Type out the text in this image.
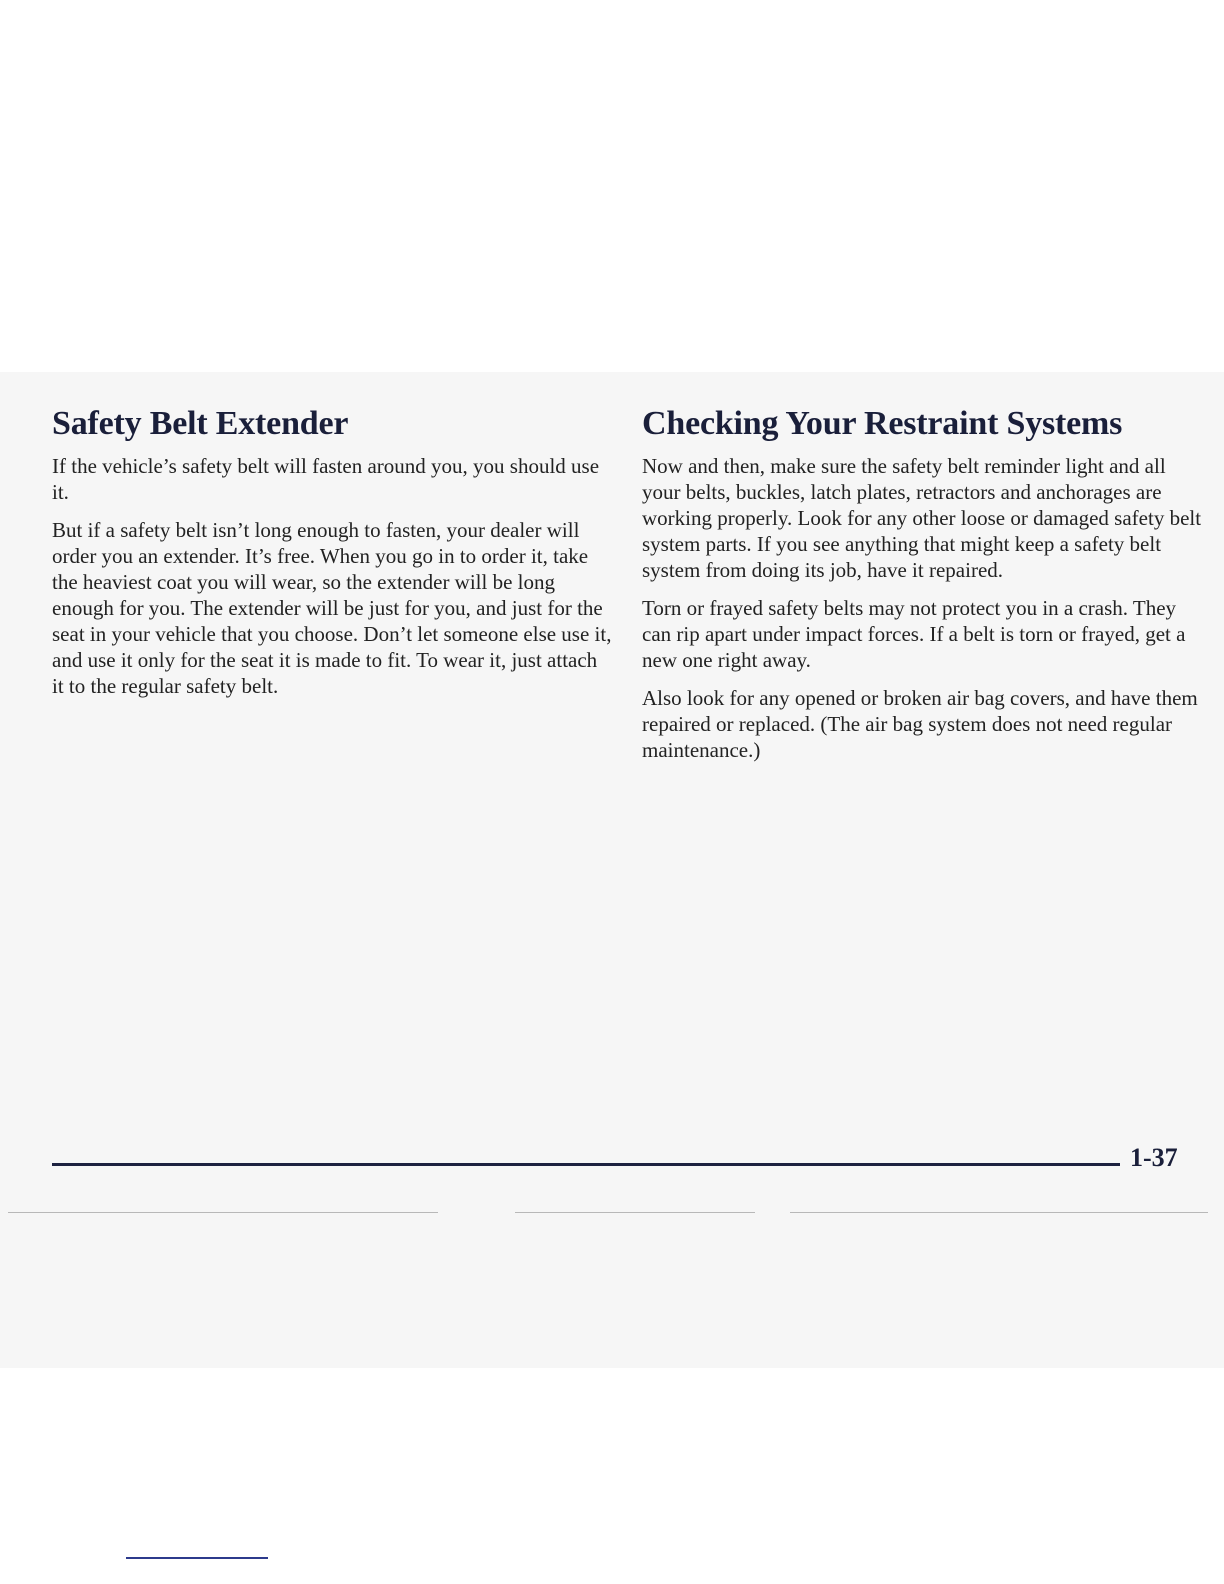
Safety Belt Extender

If the vehicle’s safety belt will fasten around you, you should use it.

But if a safety belt isn’t long enough to fasten, your dealer will order you an extender. It’s free. When you go in to order it, take the heaviest coat you will wear, so the extender will be long enough for you. The extender will be just for you, and just for the seat in your vehicle that you choose. Don’t let someone else use it, and use it only for the seat it is made to fit. To wear it, just attach it to the regular safety belt.

Checking Your Restraint Systems

Now and then, make sure the safety belt reminder light and all your belts, buckles, latch plates, retractors and anchorages are working properly. Look for any other loose or damaged safety belt system parts. If you see anything that might keep a safety belt system from doing its job, have it repaired.

Torn or frayed safety belts may not protect you in a crash. They can rip apart under impact forces. If a belt is torn or frayed, get a new one right away.

Also look for any opened or broken air bag covers, and have them repaired or replaced. (The air bag system does not need regular maintenance.)

1-37
